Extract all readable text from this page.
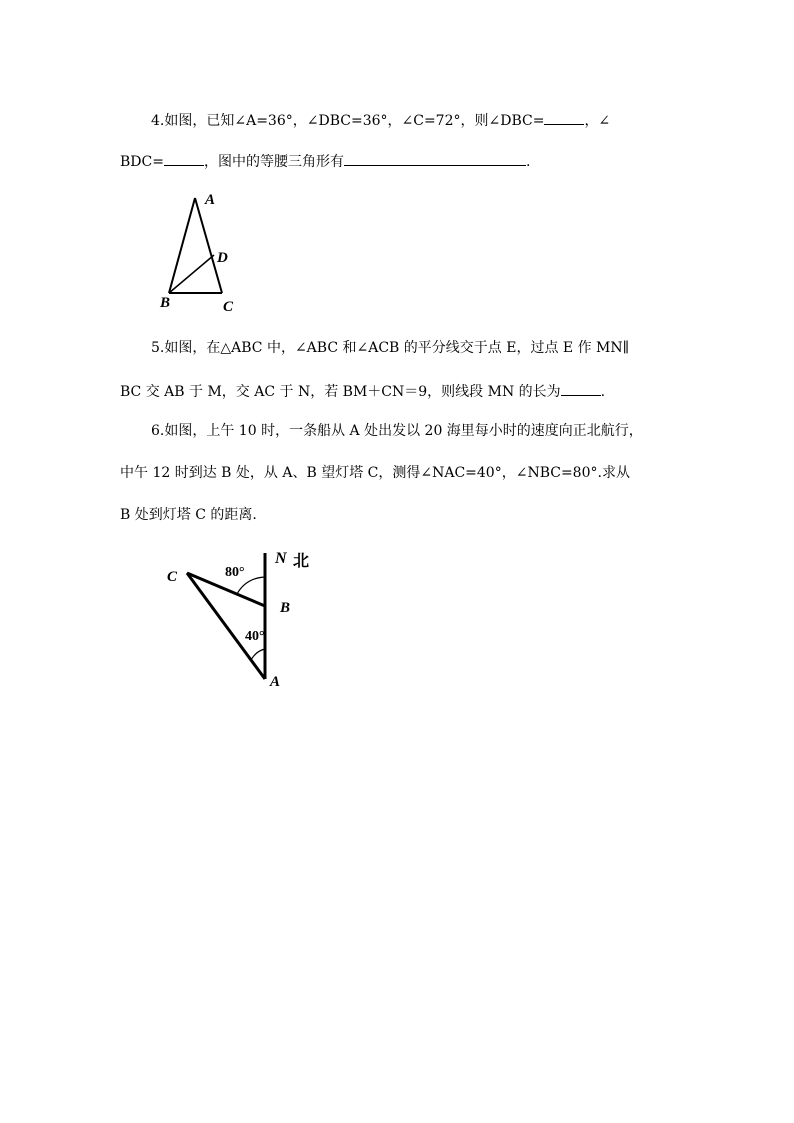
4.如图，已知∠A=36°，∠DBC=36°，∠C=72°，则∠DBC=	，∠
BDC=	，图中的等腰三角形有	.
A
D
B	C
5.如图，在△ABC 中，∠ABC 和∠ACB 的平分线交于点 E，过点 E 作 MN∥
BC 交 AB 于 M，交 AC 于 N，若 BM＋CN＝9，则线段 MN 的长为	.
6.如图，上午 10 时，一条船从 A 处出发以 20 海里每小时的速度向正北航行，
中午 12 时到达 B 处，从 A、B 望灯塔 C，测得∠NAC=40°，∠NBC=80°.求从
B 处到灯塔 C 的距离.
N 北
C	80°
B
40°
A
